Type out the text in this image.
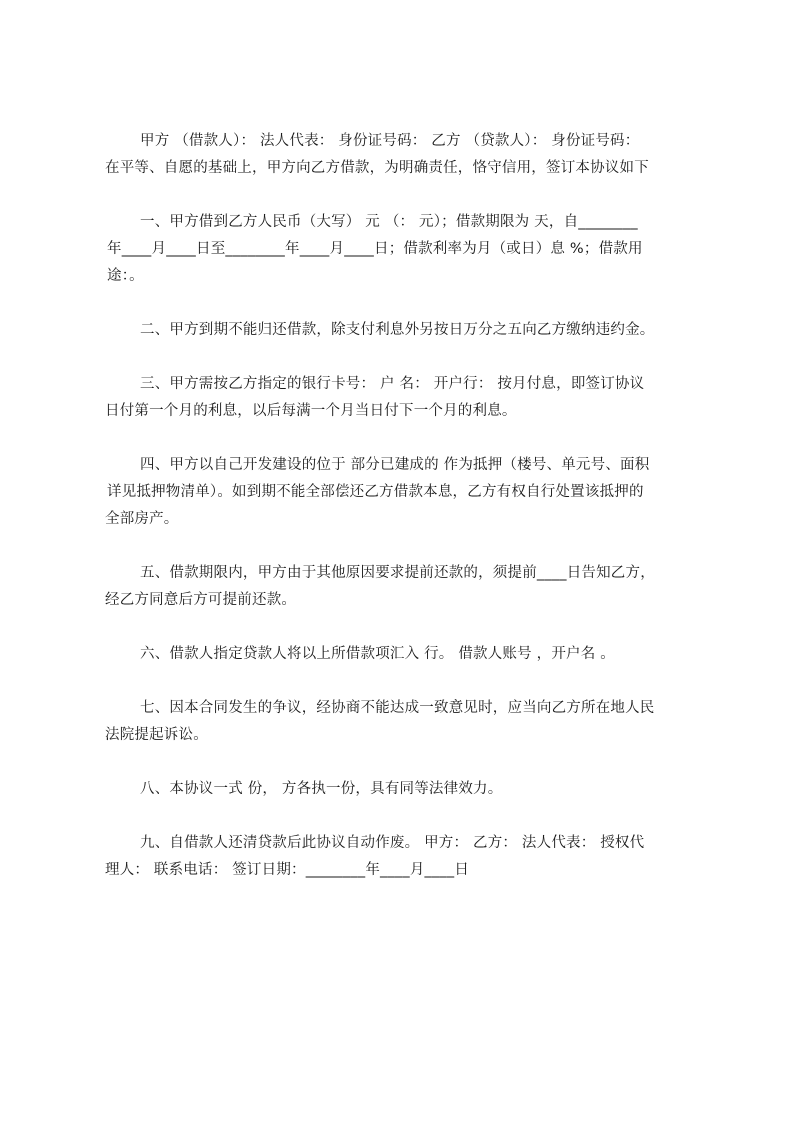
甲方 （借款人）： 法人代表： 身份证号码： 乙方 （贷款人）： 身份证号码：
在平等、自愿的基础上，甲方向乙方借款，为明确责任，恪守信用，签订本协议如下
一、甲方借到乙方人民币（大写） 元 （： 元）；借款期限为 天，自________
年____月____日至________年____月____日；借款利率为月（或日）息 %；借款用
途：。
二、甲方到期不能归还借款，除支付利息外另按日万分之五向乙方缴纳违约金。
三、甲方需按乙方指定的银行卡号： 户 名： 开户行： 按月付息，即签订协议
日付第一个月的利息，以后每满一个月当日付下一个月的利息。
四、甲方以自己开发建设的位于 部分已建成的 作为抵押（楼号、单元号、面积
详见抵押物清单）。如到期不能全部偿还乙方借款本息，乙方有权自行处置该抵押的
全部房产。
五、借款期限内，甲方由于其他原因要求提前还款的，须提前____日告知乙方，
经乙方同意后方可提前还款。
六、借款人指定贷款人将以上所借款项汇入 行。 借款人账号 ，开户名 。
七、因本合同发生的争议，经协商不能达成一致意见时，应当向乙方所在地人民
法院提起诉讼。
八、本协议一式 份， 方各执一份，具有同等法律效力。
九、自借款人还清贷款后此协议自动作废。 甲方： 乙方： 法人代表： 授权代
理人： 联系电话： 签订日期：________年____月____日
